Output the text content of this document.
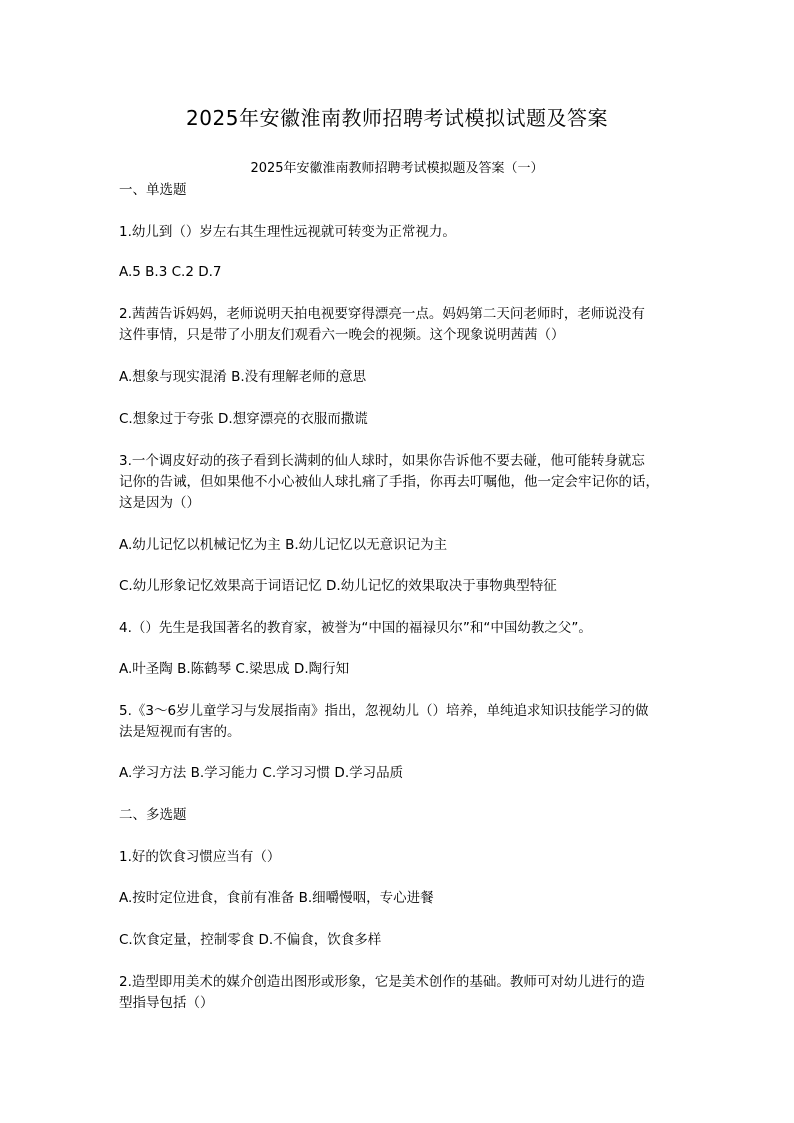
2025年安徽淮南教师招聘考试模拟试题及答案
2025年安徽淮南教师招聘考试模拟题及答案（一）
一、单选题
1.幼儿到（）岁左右其生理性远视就可转变为正常视力。
A.5 B.3 C.2 D.7
2.茜茜告诉妈妈，老师说明天拍电视要穿得漂亮一点。妈妈第二天问老师时，老师说没有
这件事情，只是带了小朋友们观看六一晚会的视频。这个现象说明茜茜（）
A.想象与现实混淆 B.没有理解老师的意思
C.想象过于夸张 D.想穿漂亮的衣服而撒谎
3.一个调皮好动的孩子看到长满刺的仙人球时，如果你告诉他不要去碰，他可能转身就忘
记你的告诫，但如果他不小心被仙人球扎痛了手指，你再去叮嘱他，他一定会牢记你的话，
这是因为（）
A.幼儿记忆以机械记忆为主 B.幼儿记忆以无意识记为主
C.幼儿形象记忆效果高于词语记忆 D.幼儿记忆的效果取决于事物典型特征
4.（）先生是我国著名的教育家，被誉为“中国的福禄贝尔”和“中国幼教之父”。
A.叶圣陶 B.陈鹤琴 C.梁思成 D.陶行知
5.《3～6岁儿童学习与发展指南》指出，忽视幼儿（）培养，单纯追求知识技能学习的做
法是短视而有害的。
A.学习方法 B.学习能力 C.学习习惯 D.学习品质
二、多选题
1.好的饮食习惯应当有（）
A.按时定位进食，食前有准备 B.细嚼慢咽，专心进餐
C.饮食定量，控制零食 D.不偏食，饮食多样
2.造型即用美术的媒介创造出图形或形象，它是美术创作的基础。教师可对幼儿进行的造
型指导包括（）
